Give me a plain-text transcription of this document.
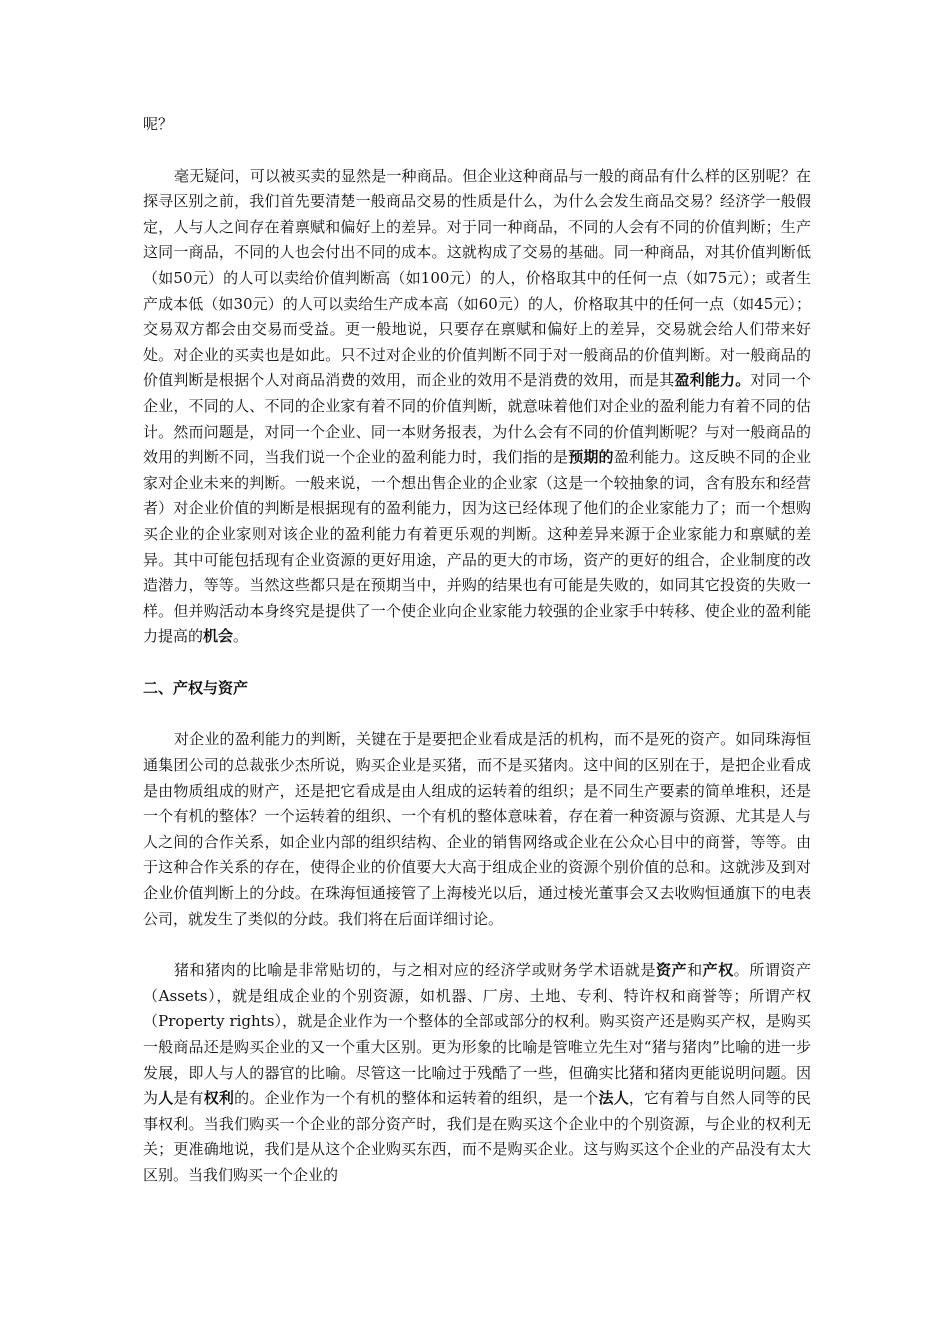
呢？

毫无疑问，可以被买卖的显然是一种商品。但企业这种商品与一般的商品有什么样的区别呢？在探寻区别之前，我们首先要清楚一般商品交易的性质是什么，为什么会发生商品交易？经济学一般假定，人与人之间存在着禀赋和偏好上的差异。对于同一种商品，不同的人会有不同的价值判断；生产这同一商品，不同的人也会付出不同的成本。这就构成了交易的基础。同一种商品，对其价值判断低（如50元）的人可以卖给价值判断高（如100元）的人，价格取其中的任何一点（如75元）；或者生产成本低（如30元）的人可以卖给生产成本高（如60元）的人，价格取其中的任何一点（如45元）；交易双方都会由交易而受益。更一般地说，只要存在禀赋和偏好上的差异，交易就会给人们带来好处。对企业的买卖也是如此。只不过对企业的价值判断不同于对一般商品的价值判断。对一般商品的价值判断是根据个人对商品消费的效用，而企业的效用不是消费的效用，而是其盈利能力。对同一个企业，不同的人、不同的企业家有着不同的价值判断，就意味着他们对企业的盈利能力有着不同的估计。然而问题是，对同一个企业、同一本财务报表，为什么会有不同的价值判断呢？与对一般商品的效用的判断不同，当我们说一个企业的盈利能力时，我们指的是预期的盈利能力。这反映不同的企业家对企业未来的判断。一般来说，一个想出售企业的企业家（这是一个较抽象的词，含有股东和经营者）对企业价值的判断是根据现有的盈利能力，因为这已经体现了他们的企业家能力了；而一个想购买企业的企业家则对该企业的盈利能力有着更乐观的判断。这种差异来源于企业家能力和禀赋的差异。其中可能包括现有企业资源的更好用途，产品的更大的市场，资产的更好的组合，企业制度的改造潜力，等等。当然这些都只是在预期当中，并购的结果也有可能是失败的，如同其它投资的失败一样。但并购活动本身终究是提供了一个使企业向企业家能力较强的企业家手中转移、使企业的盈利能力提高的机会。

二、产权与资产

对企业的盈利能力的判断，关键在于是要把企业看成是活的机构，而不是死的资产。如同珠海恒通集团公司的总裁张少杰所说，购买企业是买猪，而不是买猪肉。这中间的区别在于，是把企业看成是由物质组成的财产，还是把它看成是由人组成的运转着的组织；是不同生产要素的简单堆积，还是一个有机的整体？一个运转着的组织、一个有机的整体意味着，存在着一种资源与资源、尤其是人与人之间的合作关系，如企业内部的组织结构、企业的销售网络或企业在公众心目中的商誉，等等。由于这种合作关系的存在，使得企业的价值要大大高于组成企业的资源个别价值的总和。这就涉及到对企业价值判断上的分歧。在珠海恒通接管了上海棱光以后，通过棱光董事会又去收购恒通旗下的电表公司，就发生了类似的分歧。我们将在后面详细讨论。

猪和猪肉的比喻是非常贴切的，与之相对应的经济学或财务学术语就是资产和产权。所谓资产（Assets），就是组成企业的个别资源，如机器、厂房、土地、专利、特许权和商誉等；所谓产权（Property rights），就是企业作为一个整体的全部或部分的权利。购买资产还是购买产权，是购买一般商品还是购买企业的又一个重大区别。更为形象的比喻是管唯立先生对“猪与猪肉”比喻的进一步发展，即人与人的器官的比喻。尽管这一比喻过于残酷了一些，但确实比猪和猪肉更能说明问题。因为人是有权利的。企业作为一个有机的整体和运转着的组织，是一个法人，它有着与自然人同等的民事权利。当我们购买一个企业的部分资产时，我们是在购买这个企业中的个别资源，与企业的权利无关；更准确地说，我们是从这个企业购买东西，而不是购买企业。这与购买这个企业的产品没有太大区别。当我们购买一个企业的
